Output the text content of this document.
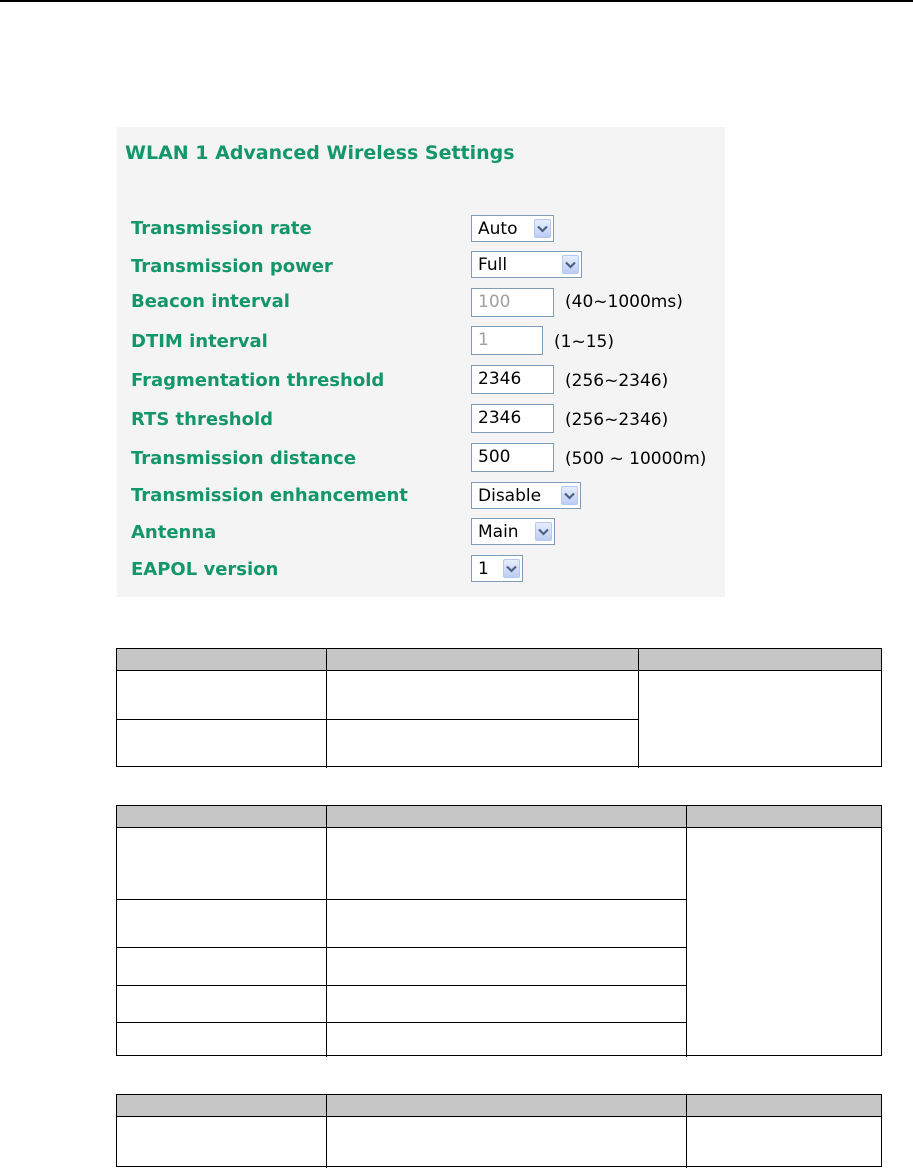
WLAN 1 Advanced Wireless Settings
Transmission rate	Auto
Transmission power	Full
Beacon interval	100	(40~1000ms)
DTIM interval	1	(1~15)
Fragmentation threshold	2346	(256~2346)
RTS threshold	2346	(256~2346)
Transmission distance	500	(500 ~ 10000m)
Transmission enhancement	Disable
Antenna	Main
EAPOL version	1
